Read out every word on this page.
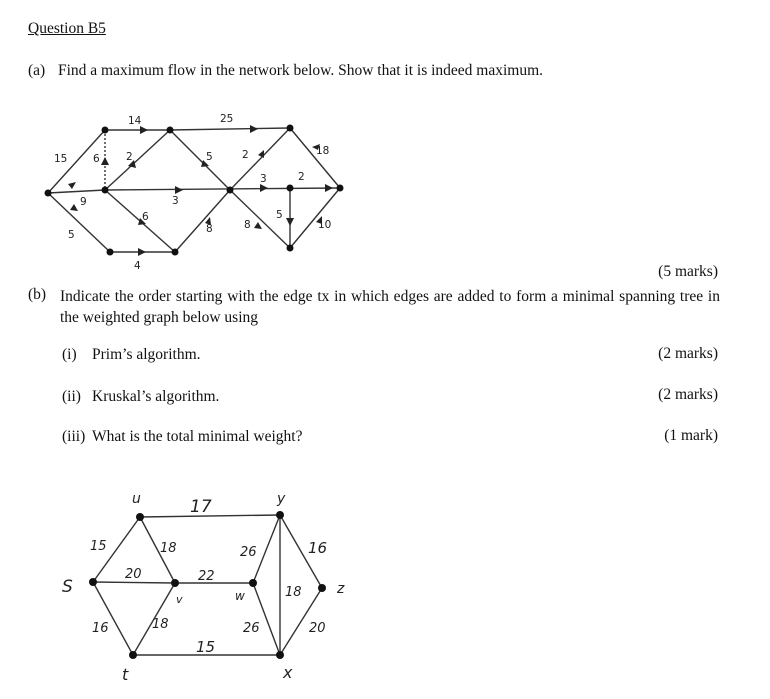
Question B5
(a) Find a maximum flow in the network below. Show that it is indeed maximum.
14	25
15 6	2	5	2	18
9
3	2
3
5
6
8	8
5
10
4	(5 marks)
(b) Indicate the order starting with the edge tx in which edges are added to form a minimal spanning tree in the weighted graph below using
(i) Prim’s algorithm.	(2 marks)
(ii) Kruskal’s algorithm.	(2 marks)
(iii) What is the total minimal weight?	(1 mark)
S
u	y
v	w	z
t	x
15
17
18
20	22
26
18
16
16	18
15
26	20
